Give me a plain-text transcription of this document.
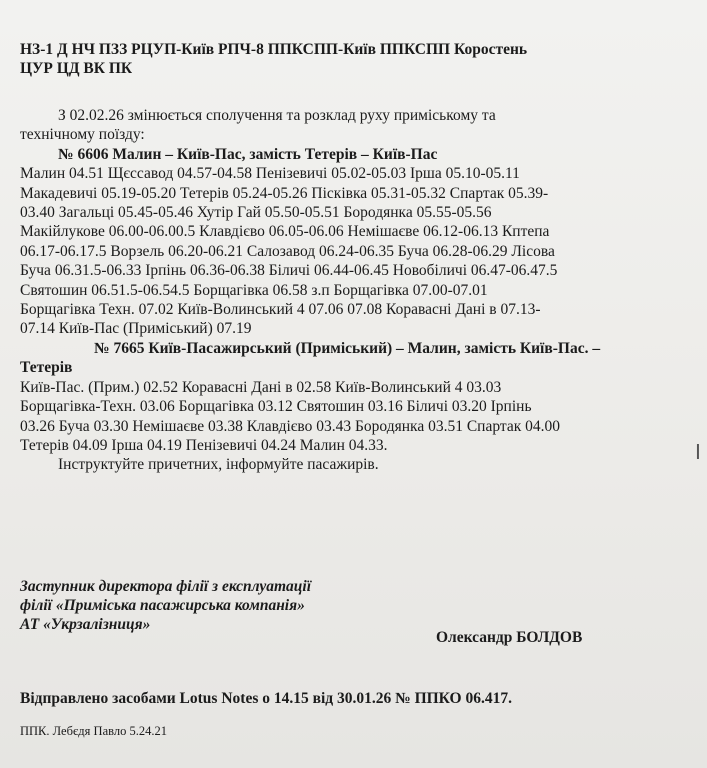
НЗ-1 Д НЧ ПЗЗ РЦУП-Київ РПЧ-8 ППКСПП-Київ ППКСПП Коростень
ЦУР ЦД ВК ПК
З 02.02.26 змінюється сполучення та розклад руху приміському та
технічному поїзду:
№ 6606 Малин – Київ-Пас, замість Тетерів – Київ-Пас
Малин 04.51 Щєссавод 04.57-04.58 Пенізевичі 05.02-05.03 Ірша 05.10-05.11
Макадевичі 05.19-05.20 Тетерів 05.24-05.26 Пісківка 05.31-05.32 Спартак 05.39-
03.40 Загальці 05.45-05.46 Хутір Гай 05.50-05.51 Бородянка 05.55-05.56
Макійлукове 06.00-06.00.5 Клавдієво 06.05-06.06 Немішаєве 06.12-06.13 Кптепа
06.17-06.17.5 Ворзель 06.20-06.21 Салозавод 06.24-06.35 Буча 06.28-06.29 Лісова
Буча 06.31.5-06.33 Ірпінь 06.36-06.38 Біличі 06.44-06.45 Новобіличі 06.47-06.47.5
Святошин 06.51.5-06.54.5 Борщагівка 06.58 з.п Борщагівка 07.00-07.01
Борщагівка Техн. 07.02 Київ-Волинський 4 07.06 07.08 Коравасні Дані в 07.13-
07.14 Київ-Пас (Приміський) 07.19
№ 7665 Київ-Пасажирський (Приміський) – Малин, замість Київ-Пас. –
Тетерів
Київ-Пас. (Прим.) 02.52 Коравасні Дані в 02.58 Київ-Волинський 4 03.03
Борщагівка-Техн. 03.06 Борщагівка 03.12 Святошин 03.16 Біличі 03.20 Ірпінь
03.26 Буча 03.30 Немішаєве 03.38 Клавдієво 03.43 Бородянка 03.51 Спартак 04.00
Тетерів 04.09 Ірша 04.19 Пенізевичі 04.24 Малин 04.33.
Інструктуйте причетних, інформуйте пасажирів.
Заступник директора філії з експлуатації
філії «Приміська пасажирська компанія»
АТ «Укрзалізниця»
Олександр БОЛДОВ
Відправлено засобами Lotus Notes о 14.15 від 30.01.26 № ППКО 06.417.
ППК. Лебєдя Павло 5.24.21
I
